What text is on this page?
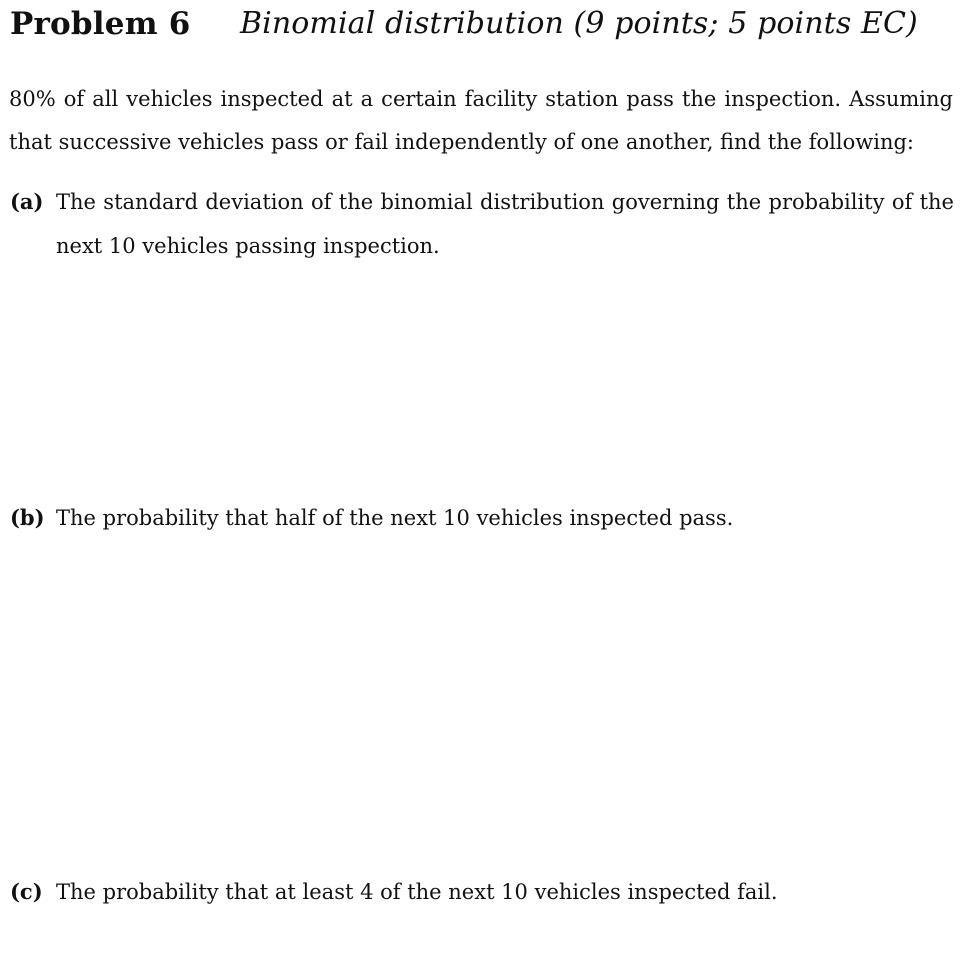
Problem 6 Binomial distribution (9 points; 5 points EC)

80% of all vehicles inspected at a certain facility station pass the inspection. Assuming that successive vehicles pass or fail independently of one another, find the following:

(a) The standard deviation of the binomial distribution governing the probability of the next 10 vehicles passing inspection.
(b) The probability that half of the next 10 vehicles inspected pass.
(c) The probability that at least 4 of the next 10 vehicles inspected fail.
